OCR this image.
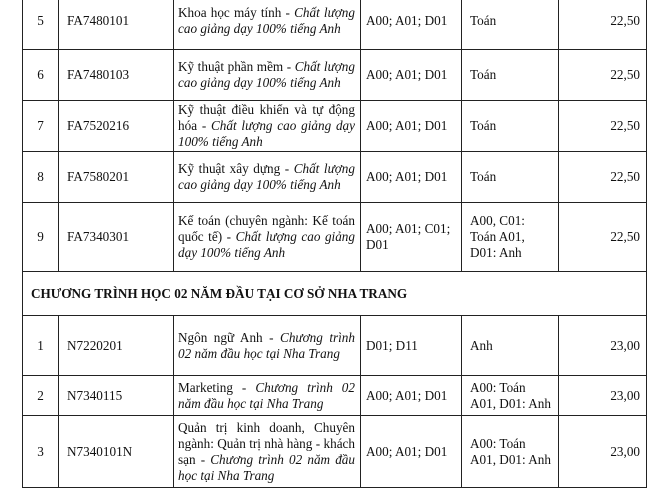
5	FA7480101	Khoa học máy tính - Chất lượng cao giảng dạy 100% tiếng Anh	A00; A01; D01	Toán	22,50
6	FA7480103	Kỹ thuật phần mềm - Chất lượng cao giảng dạy 100% tiếng Anh	A00; A01; D01	Toán	22,50
7	FA7520216	Kỹ thuật điều khiển và tự động hóa - Chất lượng cao giảng dạy 100% tiếng Anh	A00; A01; D01	Toán	22,50
8	FA7580201	Kỹ thuật xây dựng - Chất lượng cao giảng dạy 100% tiếng Anh	A00; A01; D01	Toán	22,50
9	FA7340301	Kế toán (chuyên ngành: Kế toán quốc tế) - Chất lượng cao giảng dạy 100% tiếng Anh	A00; A01; C01; D01	A00, C01: Toán A01, D01: Anh	22,50
CHƯƠNG TRÌNH HỌC 02 NĂM ĐẦU TẠI CƠ SỞ NHA TRANG					
1	N7220201	Ngôn ngữ Anh - Chương trình 02 năm đầu học tại Nha Trang	D01; D11	Anh	23,00
2	N7340115	Marketing - Chương trình 02 năm đầu học tại Nha Trang	A00; A01; D01	A00: Toán A01, D01: Anh	23,00
3	N7340101N	Quản trị kinh doanh, Chuyên ngành: Quản trị nhà hàng - khách sạn - Chương trình 02 năm đầu học tại Nha Trang	A00; A01; D01	A00: Toán A01, D01: Anh	23,00
